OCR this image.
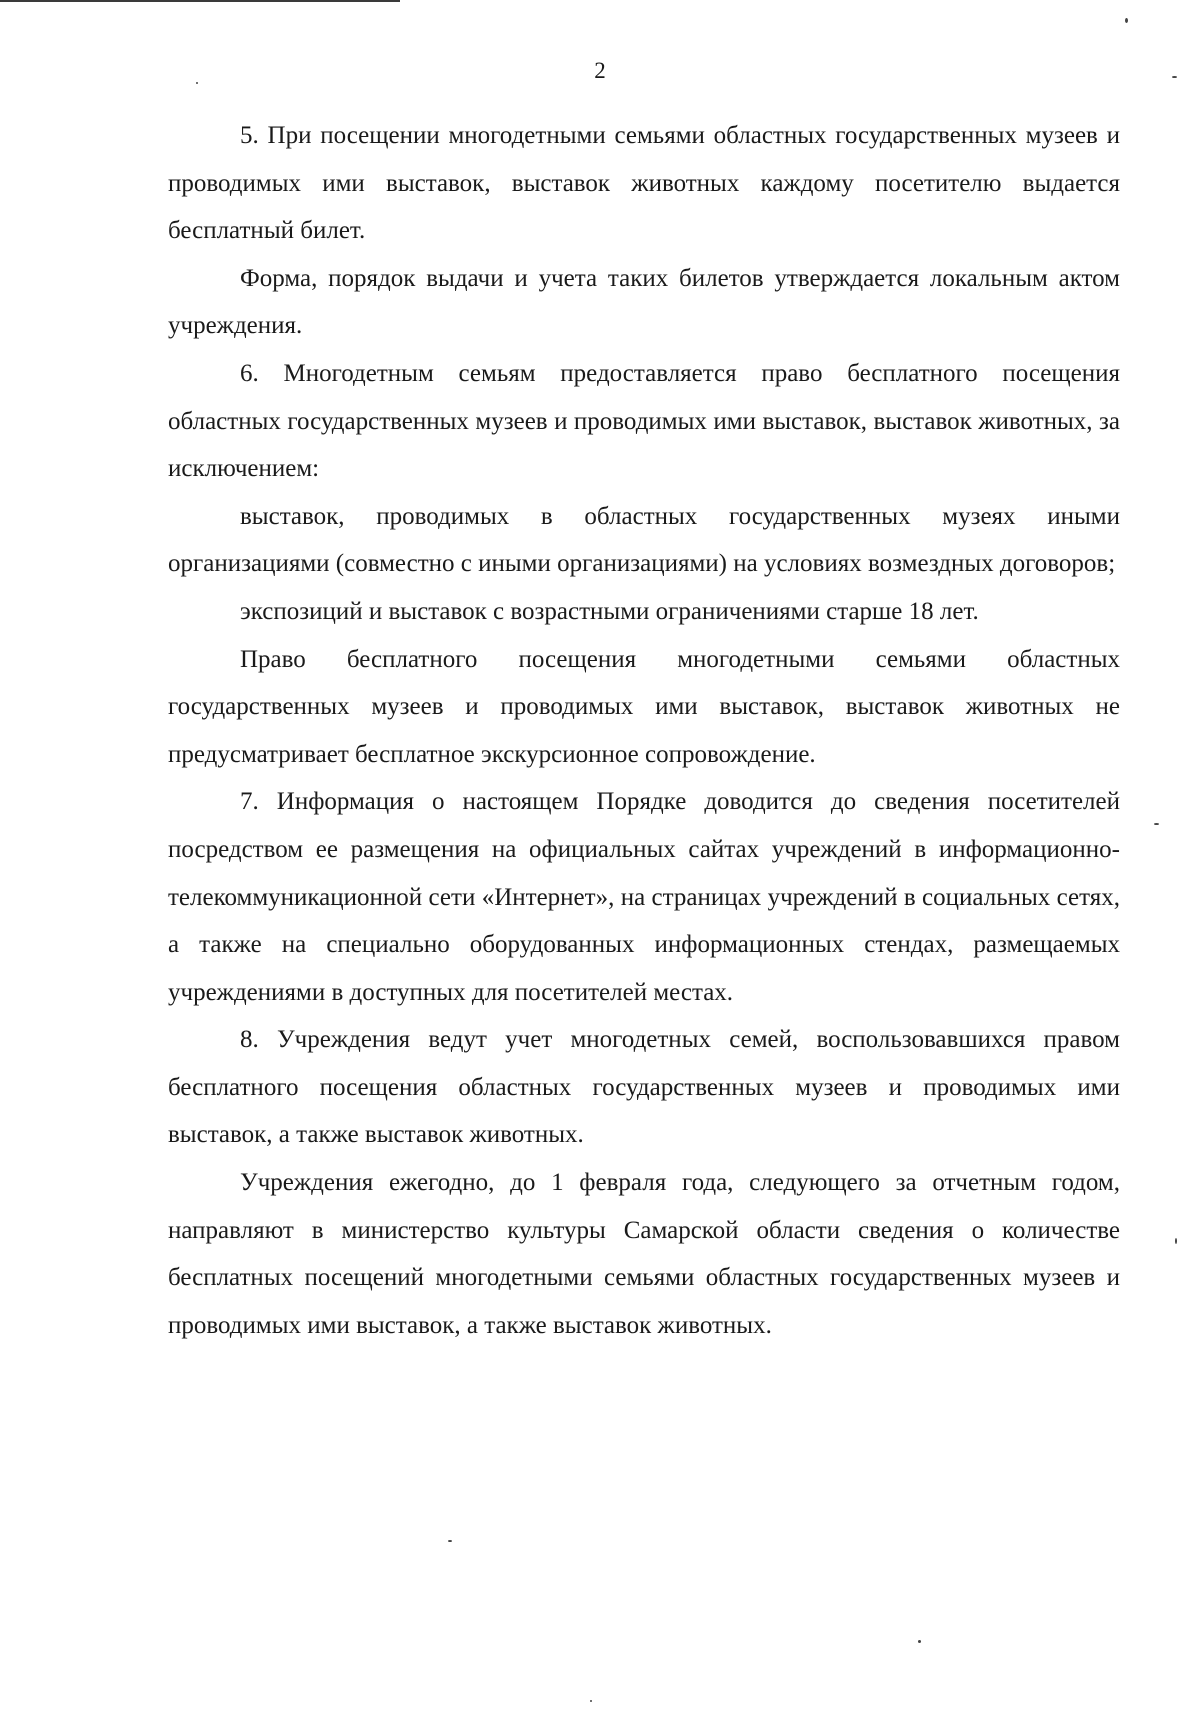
2

5. При посещении многодетными семьями областных государственных музеев и проводимых ими выставок, выставок животных каждому посетителю выдается бесплатный билет.

Форма, порядок выдачи и учета таких билетов утверждается локальным актом учреждения.

6. Многодетным семьям предоставляется право бесплатного посещения областных государственных музеев и проводимых ими выставок, выставок животных, за исключением:

выставок, проводимых в областных государственных музеях иными организациями (совместно с иными организациями) на условиях возмездных договоров;

экспозиций и выставок с возрастными ограничениями старше 18 лет.

Право бесплатного посещения многодетными семьями областных государственных музеев и проводимых ими выставок, выставок животных не предусматривает бесплатное экскурсионное сопровождение.

7. Информация о настоящем Порядке доводится до сведения посетителей посредством ее размещения на официальных сайтах учреждений в информационно-телекоммуникационной сети «Интернет», на страницах учреждений в социальных сетях, а также на специально оборудованных информационных стендах, размещаемых учреждениями в доступных для посетителей местах.

8. Учреждения ведут учет многодетных семей, воспользовавшихся правом бесплатного посещения областных государственных музеев и проводимых ими выставок, а также выставок животных.

Учреждения ежегодно, до 1 февраля года, следующего за отчетным годом, направляют в министерство культуры Самарской области сведения о количестве бесплатных посещений многодетными семьями областных государственных музеев и проводимых ими выставок, а также выставок животных.
